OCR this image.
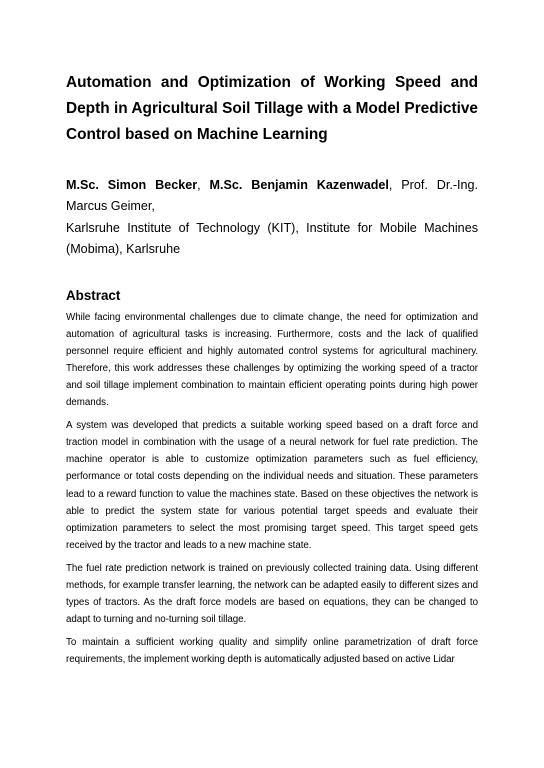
Automation and Optimization of Working Speed and Depth in Agricultural Soil Tillage with a Model Predictive Control based on Machine Learning

M.Sc. Simon Becker, M.Sc. Benjamin Kazenwadel, Prof. Dr.-Ing. Marcus Geimer,
Karlsruhe Institute of Technology (KIT), Institute for Mobile Machines (Mobima), Karlsruhe

Abstract

While facing environmental challenges due to climate change, the need for optimization and automation of agricultural tasks is increasing. Furthermore, costs and the lack of qualified personnel require efficient and highly automated control systems for agricultural machinery. Therefore, this work addresses these challenges by optimizing the working speed of a tractor and soil tillage implement combination to maintain efficient operating points during high power demands.

A system was developed that predicts a suitable working speed based on a draft force and traction model in combination with the usage of a neural network for fuel rate prediction. The machine operator is able to customize optimization parameters such as fuel efficiency, performance or total costs depending on the individual needs and situation. These parameters lead to a reward function to value the machines state. Based on these objectives the network is able to predict the system state for various potential target speeds and evaluate their optimization parameters to select the most promising target speed. This target speed gets received by the tractor and leads to a new machine state.

The fuel rate prediction network is trained on previously collected training data. Using different methods, for example transfer learning, the network can be adapted easily to different sizes and types of tractors. As the draft force models are based on equations, they can be changed to adapt to turning and no-turning soil tillage.

To maintain a sufficient working quality and simplify online parametrization of draft force requirements, the implement working depth is automatically adjusted based on active Lidar
